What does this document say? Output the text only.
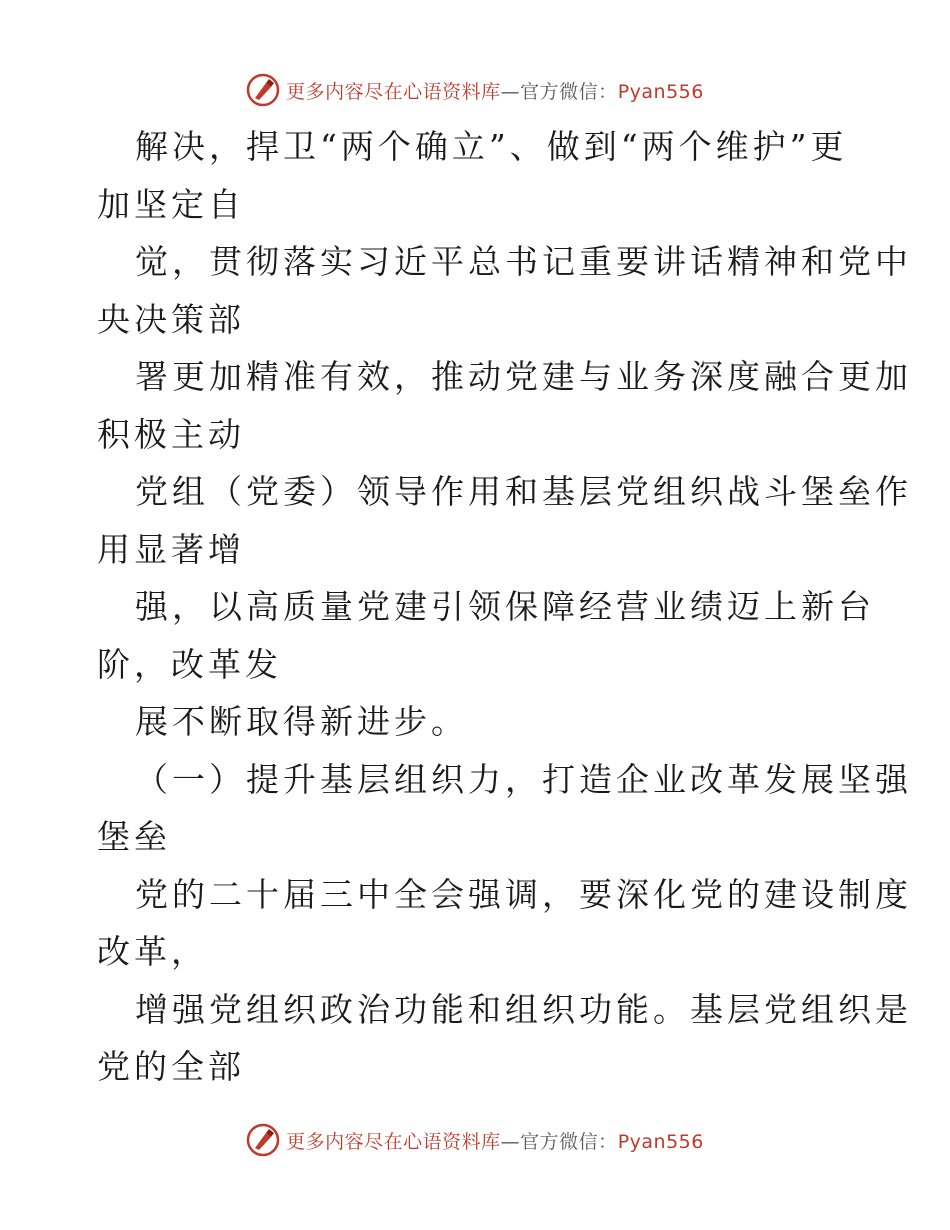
更多内容尽在心语资料库—官方微信：Pyan556
解决，捍卫“两个确立”、做到“两个维护”更
加坚定自
觉，贯彻落实习近平总书记重要讲话精神和党中
央决策部
署更加精准有效，推动党建与业务深度融合更加
积极主动
党组（党委）领导作用和基层党组织战斗堡垒作
用显著增
强，以高质量党建引领保障经营业绩迈上新台
阶，改革发
展不断取得新进步。
（一）提升基层组织力，打造企业改革发展坚强
堡垒
党的二十届三中全会强调，要深化党的建设制度
改革，
增强党组织政治功能和组织功能。基层党组织是
党的全部
更多内容尽在心语资料库—官方微信：Pyan556
